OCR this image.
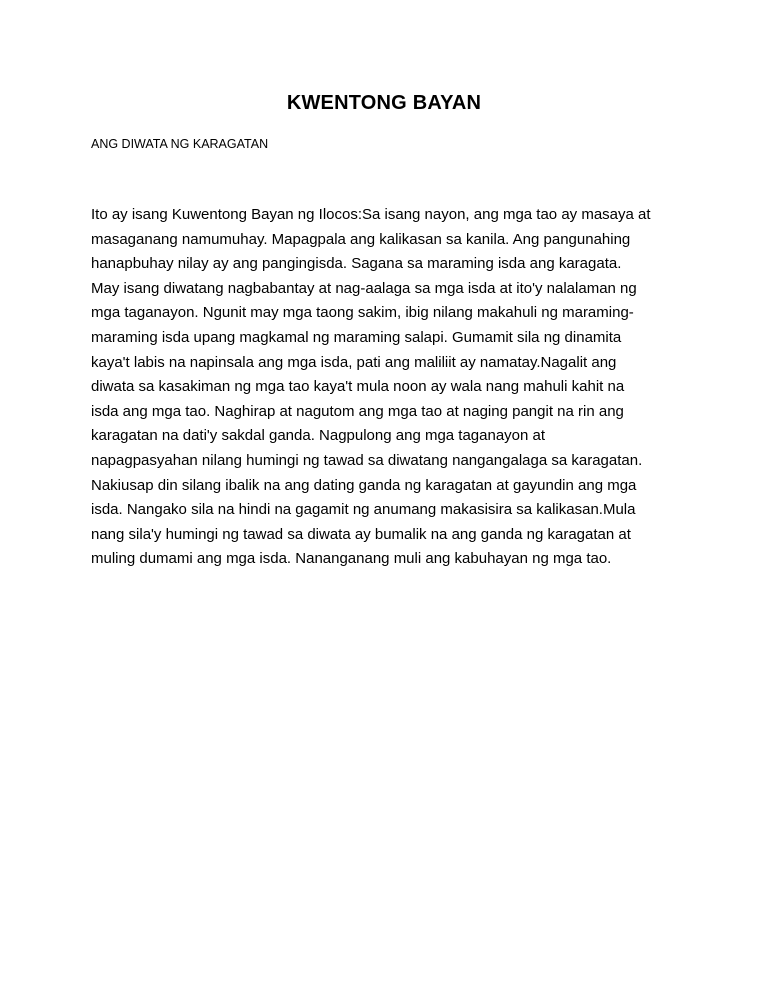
KWENTONG BAYAN
ANG DIWATA NG KARAGATAN
Ito ay isang Kuwentong Bayan ng Ilocos:Sa isang nayon, ang mga tao ay masaya at
masaganang namumuhay. Mapagpala ang kalikasan sa kanila. Ang pangunahing
hanapbuhay nilay ay ang pangingisda. Sagana sa maraming isda ang karagata.
May isang diwatang nagbabantay at nag-aalaga sa mga isda at ito'y nalalaman ng
mga taganayon. Ngunit may mga taong sakim, ibig nilang makahuli ng maraming-
maraming isda upang magkamal ng maraming salapi. Gumamit sila ng dinamita
kaya't labis na napinsala ang mga isda, pati ang maliliit ay namatay.Nagalit ang
diwata sa kasakiman ng mga tao kaya't mula noon ay wala nang mahuli kahit na
isda ang mga tao. Naghirap at nagutom ang mga tao at naging pangit na rin ang
karagatan na dati'y sakdal ganda. Nagpulong ang mga taganayon at
napagpasyahan nilang humingi ng tawad sa diwatang nangangalaga sa karagatan.
Nakiusap din silang ibalik na ang dating ganda ng karagatan at gayundin ang mga
isda. Nangako sila na hindi na gagamit ng anumang makasisira sa kalikasan.Mula
nang sila'y humingi ng tawad sa diwata ay bumalik na ang ganda ng karagatan at
muling dumami ang mga isda. Nananganang muli ang kabuhayan ng mga tao.
